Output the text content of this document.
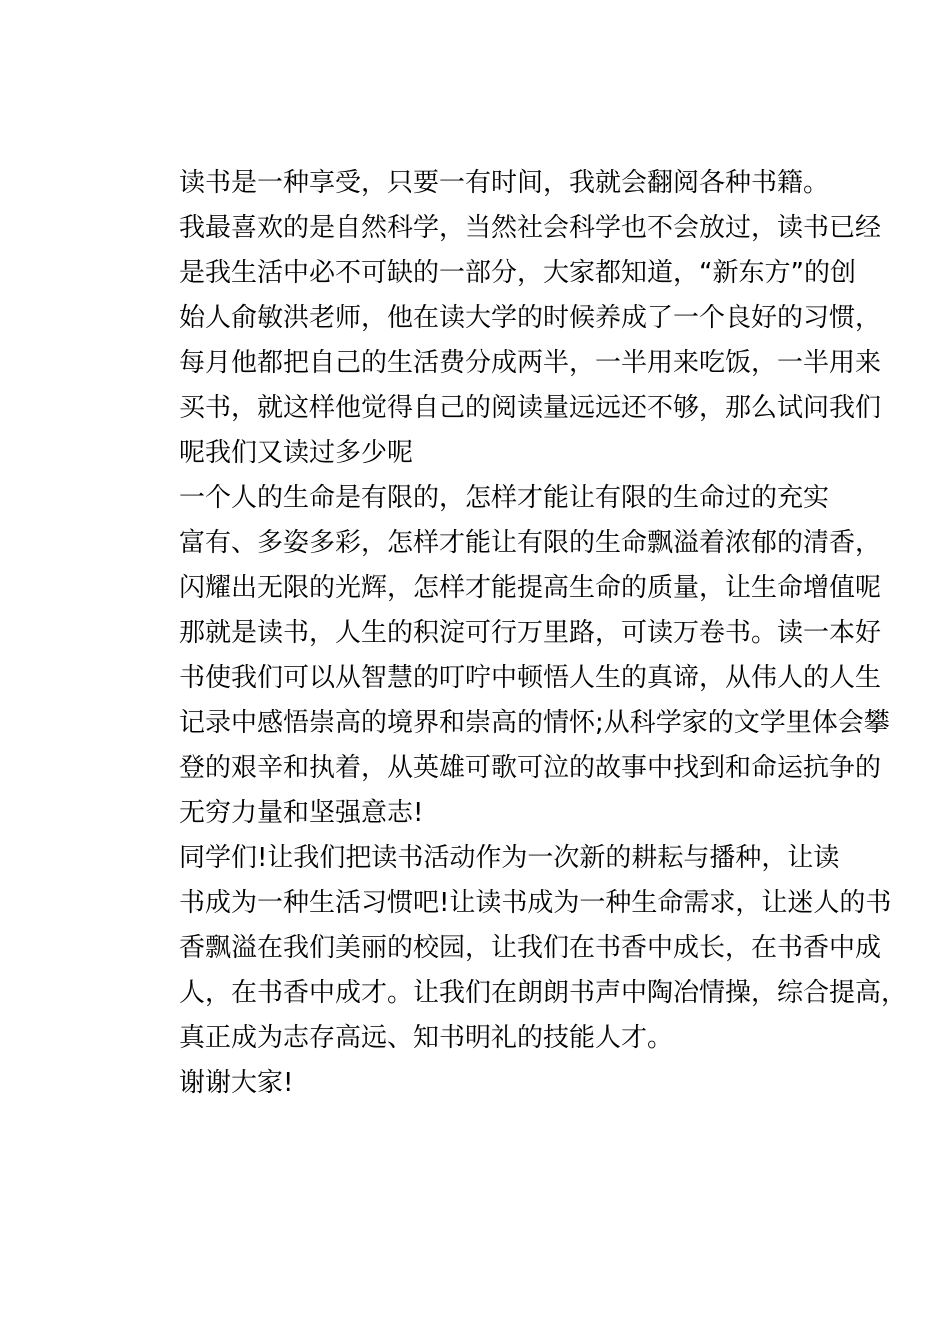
读书是一种享受，只要一有时间，我就会翻阅各种书籍。
我最喜欢的是自然科学，当然社会科学也不会放过，读书已经
是我生活中必不可缺的一部分，大家都知道，“新东方”的创
始人俞敏洪老师，他在读大学的时候养成了一个良好的习惯，
每月他都把自己的生活费分成两半，一半用来吃饭，一半用来
买书，就这样他觉得自己的阅读量远远还不够，那么试问我们
呢我们又读过多少呢

一个人的生命是有限的，怎样才能让有限的生命过的充实
富有、多姿多彩，怎样才能让有限的生命飘溢着浓郁的清香，
闪耀出无限的光辉，怎样才能提高生命的质量，让生命增值呢
那就是读书，人生的积淀可行万里路，可读万卷书。读一本好
书使我们可以从智慧的叮咛中顿悟人生的真谛，从伟人的人生
记录中感悟崇高的境界和崇高的情怀;从科学家的文学里体会攀
登的艰辛和执着，从英雄可歌可泣的故事中找到和命运抗争的
无穷力量和坚强意志!

同学们!让我们把读书活动作为一次新的耕耘与播种，让读
书成为一种生活习惯吧!让读书成为一种生命需求，让迷人的书
香飘溢在我们美丽的校园，让我们在书香中成长，在书香中成
人，在书香中成才。让我们在朗朗书声中陶冶情操，综合提高，
真正成为志存高远、知书明礼的技能人才。

谢谢大家!
